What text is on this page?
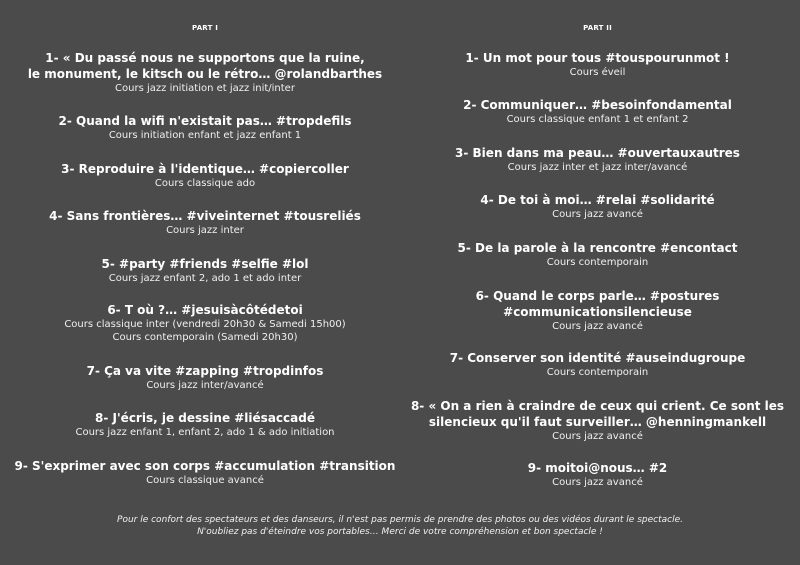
PART I
1- « Du passé nous ne supportons que la ruine,
le monument, le kitsch ou le rétro… @rolandbarthes
Cours jazz initiation et jazz init/inter
2- Quand la wifi n'existait pas… #tropdefils
Cours initiation enfant et jazz enfant 1
3- Reproduire à l'identique… #copiercoller
Cours classique ado
4- Sans frontières… #viveinternet #tousreliés
Cours jazz inter
5- #party #friends #selfie #lol
Cours jazz enfant 2, ado 1 et ado inter
6- T où ?… #jesuisàcôtédetoi
Cours classique inter (vendredi 20h30 & Samedi 15h00)
Cours contemporain (Samedi 20h30)
7- Ça va vite #zapping #tropdinfos
Cours jazz inter/avancé
8- J'écris, je dessine #liésaccadé
Cours jazz enfant 1, enfant 2, ado 1 & ado initiation
9- S'exprimer avec son corps #accumulation #transition
Cours classique avancé
PART II
1- Un mot pour tous #touspourunmot !
Cours éveil
2- Communiquer… #besoinfondamental
Cours classique enfant 1 et enfant 2
3- Bien dans ma peau… #ouvertauxautres
Cours jazz inter et jazz inter/avancé
4- De toi à moi… #relai #solidarité
Cours jazz avancé
5- De la parole à la rencontre #encontact
Cours contemporain
6- Quand le corps parle… #postures
#communicationsilencieuse
Cours jazz avancé
7- Conserver son identité #auseindugroupe
Cours contemporain
8- « On a rien à craindre de ceux qui crient. Ce sont les
silencieux qu'il faut surveiller… @henningmankell
Cours jazz avancé
9- moitoi@nous… #2
Cours jazz avancé
Pour le confort des spectateurs et des danseurs, il n'est pas permis de prendre des photos ou des vidéos durant le spectacle.
N'oubliez pas d'éteindre vos portables… Merci de votre compréhension et bon spectacle !
